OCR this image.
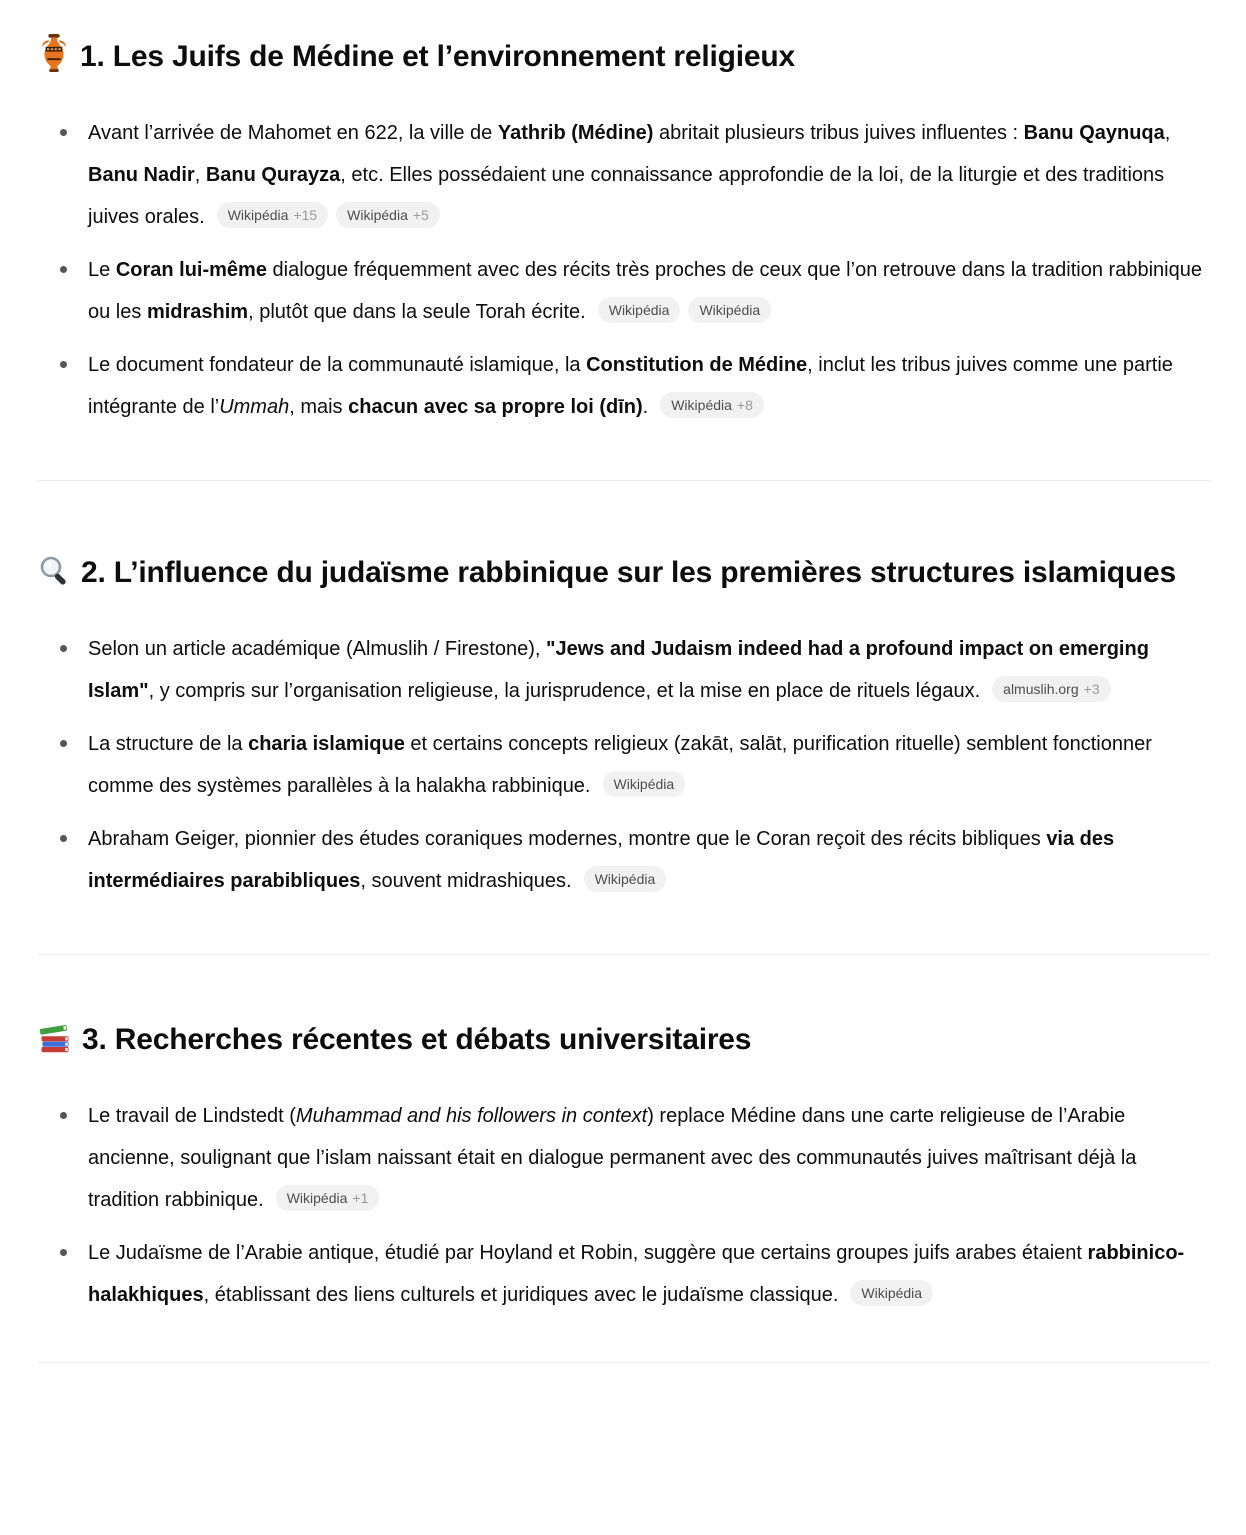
1. Les Juifs de Médine et l’environnement religieux
Avant l’arrivée de Mahomet en 622, la ville de Yathrib (Médine) abritait plusieurs tribus juives influentes : Banu Qaynuqa, Banu Nadir, Banu Qurayza, etc. Elles possédaient une connaissance approfondie de la loi, de la liturgie et des traditions juives orales. Wikipédia +15 Wikipédia +5
Le Coran lui-même dialogue fréquemment avec des récits très proches de ceux que l’on retrouve dans la tradition rabbinique ou les midrashim, plutôt que dans la seule Torah écrite. Wikipédia Wikipédia
Le document fondateur de la communauté islamique, la Constitution de Médine, inclut les tribus juives comme une partie intégrante de l’Ummah, mais chacun avec sa propre loi (dīn). Wikipédia +8
2. L’influence du judaïsme rabbinique sur les premières structures islamiques
Selon un article académique (Almuslih / Firestone), "Jews and Judaism indeed had a profound impact on emerging Islam", y compris sur l’organisation religieuse, la jurisprudence, et la mise en place de rituels légaux. almuslih.org +3
La structure de la charia islamique et certains concepts religieux (zakāt, salāt, purification rituelle) semblent fonctionner comme des systèmes parallèles à la halakha rabbinique. Wikipédia
Abraham Geiger, pionnier des études coraniques modernes, montre que le Coran reçoit des récits bibliques via des intermédiaires parabibliques, souvent midrashiques. Wikipédia
3. Recherches récentes et débats universitaires
Le travail de Lindstedt (Muhammad and his followers in context) replace Médine dans une carte religieuse de l’Arabie ancienne, soulignant que l’islam naissant était en dialogue permanent avec des communautés juives maîtrisant déjà la tradition rabbinique. Wikipédia +1
Le Judaïsme de l’Arabie antique, étudié par Hoyland et Robin, suggère que certains groupes juifs arabes étaient rabbinico-halakhiques, établissant des liens culturels et juridiques avec le judaïsme classique. Wikipédia
